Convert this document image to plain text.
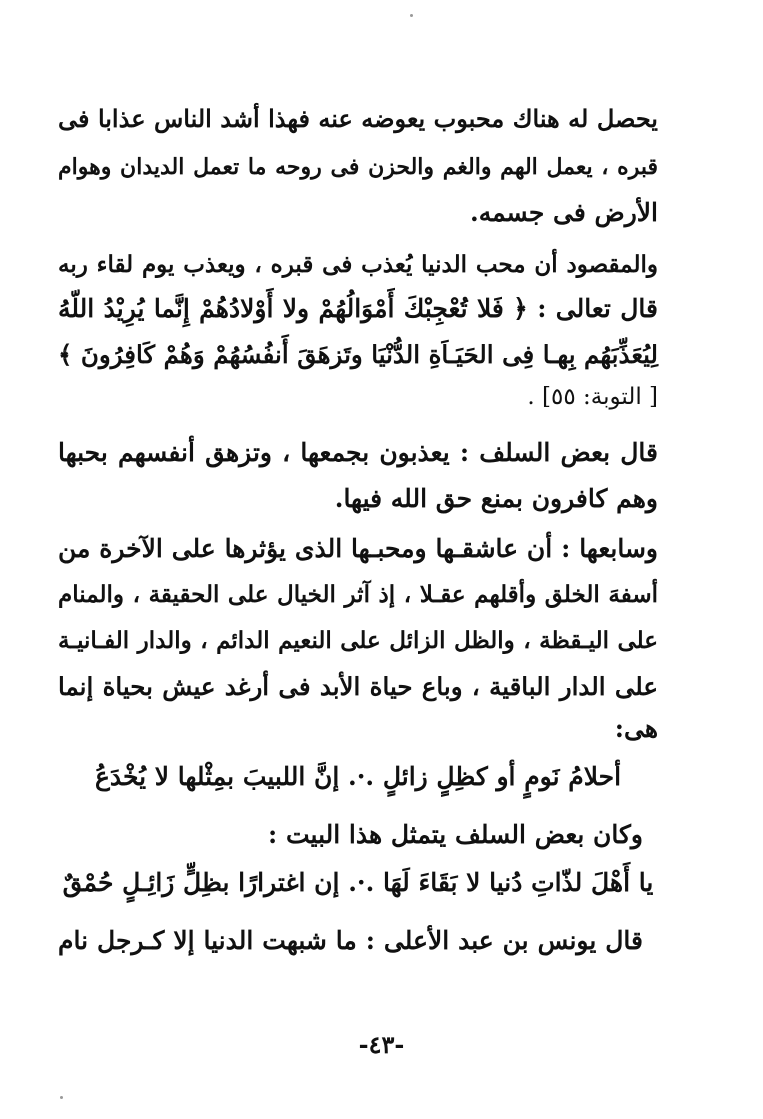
يحصل له هناك محبوب يعوضه عنه فهذا أشد الناس عذابا فى
قبره ، يعمل الهم والغم والحزن فى روحه ما تعمل الديدان وهوام
الأرض فى جسمه.
والمقصود أن محب الدنيا يُعذب فى قبره ، ويعذب يوم لقاء ربه
قال تعالى : ﴿ فَلا تُعْجِبْكَ أَمْوَالُهُمْ ولا أَوْلادُهُمْ إِنَّما يُرِيْدُ اللّهُ
لِيُعَذِّبَهُم بِهـا فِى الحَيَـاَةِ الدُّنْيَا وتَزهَقَ أَنفُسُهُمْ وَهُمْ كَافِرُونَ ﴾
[ التوبة: ٥٥] .
قال بعض السلف : يعذبون بجمعها ، وتزهق أنفسهم بحبها
وهم كافرون بمنع حق الله فيها.
وسابعها : أن عاشقـها ومحبـها الذى يؤثرها على الآخرة من
أسفهَ الخلق وأقلهم عقـلا ، إذ آثر الخيال على الحقيقة ، والمنام
على اليـقظة ، والظل الزائل على النعيم الدائم ، والدار الفـانيـة
على الدار الباقية ، وباع حياة الأبد فى أرغد عيش بحياة إنما
هى:
أحلامُ نَومٍ أو كظِلٍ زائلٍ .·. إنَّ اللبيبَ بمِثْلها لا يُخْدَعُ
وكان بعض السلف يتمثل هذا البيت :
يا أَهْلَ لذّاتِ دُنيا لا بَقَاءَ لَهَا .·. إن اغترارًا بظِلٍّ زَائِـلٍ حُمْقٌ
قال يونس بن عبد الأعلى : ما شبهت الدنيا إلا كـرجل نام
-٤٣-
